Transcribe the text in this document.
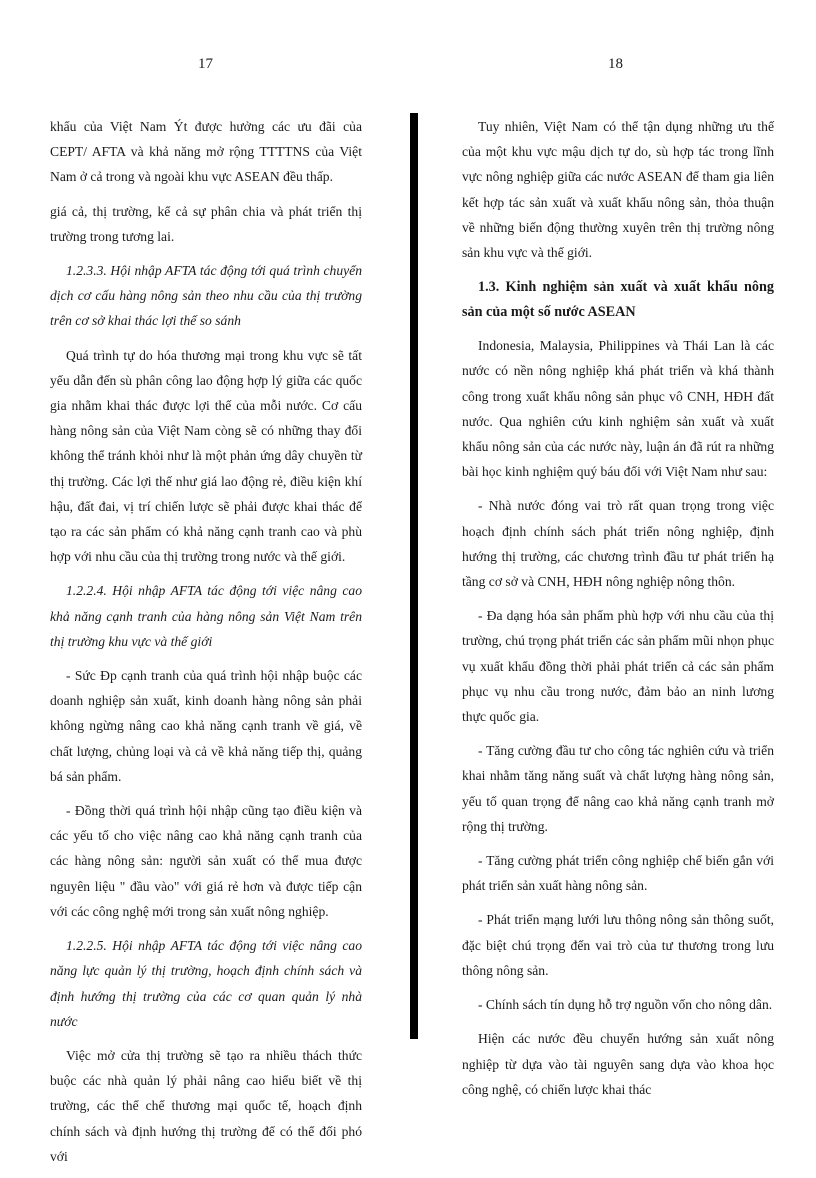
17	18

khẩu của Việt Nam Ýt được hưởng các ưu đãi của CEPT/ AFTA và khả năng mở rộng TTTTNS của Việt Nam ở cả trong và ngoài khu vực ASEAN đều thấp.

giá cả, thị trường, kể cả sự phân chia và phát triển thị trường trong tương lai.

1.2.3.3. Hội nhập AFTA tác động tới quá trình chuyển dịch cơ cấu hàng nông sản theo nhu cầu của thị trường trên cơ sở khai thác lợi thế so sánh

Quá trình tự do hóa thương mại trong khu vực sẽ tất yếu dẫn đến sù phân công lao động hợp lý giữa các quốc gia nhằm khai thác được lợi thế của mỗi nước. Cơ cấu hàng nông sản của Việt Nam còng sẽ có những thay đổi không thể tránh khỏi như là một phản ứng dây chuyền từ thị trường. Các lợi thế như giá lao động rẻ, điều kiện khí hậu, đất đai, vị trí chiến lược sẽ phải được khai thác để tạo ra các sản phẩm có khả năng cạnh tranh cao và phù hợp với nhu cầu của thị trường trong nước và thế giới.

1.2.2.4. Hội nhập AFTA tác động tới việc nâng cao khả năng cạnh tranh của hàng nông sản Việt Nam trên thị trường khu vực và thế giới

- Sức Ðp cạnh tranh của quá trình hội nhập buộc các doanh nghiệp sản xuất, kinh doanh hàng nông sản phải không ngừng nâng cao khả năng cạnh tranh về giá, về chất lượng, chủng loại và cả về khả năng tiếp thị, quảng bá sản phẩm.

- Đồng thời quá trình hội nhập cũng tạo điều kiện và các yếu tố cho việc nâng cao khả năng cạnh tranh của các hàng nông sản: người sản xuất có thể mua được nguyên liệu " đầu vào" với giá rẻ hơn và được tiếp cận với các công nghệ mới trong sản xuất nông nghiệp.

1.2.2.5. Hội nhập AFTA tác động tới việc nâng cao năng lực quản lý thị trường, hoạch định chính sách và định hướng thị trường của các cơ quan quản lý nhà nước

Việc mở cửa thị trường sẽ tạo ra nhiều thách thức buộc các nhà quản lý phải nâng cao hiểu biết về thị trường, các thể chế thương mại quốc tế, hoạch định chính sách và định hướng thị trường để có thể đối phó với

Tuy nhiên, Việt Nam có thể tận dụng những ưu thế của một khu vực mậu dịch tự do, sù hợp tác trong lĩnh vực nông nghiệp giữa các nước ASEAN để tham gia liên kết hợp tác sản xuất và xuất khẩu nông sản, thỏa thuận về những biến động thường xuyên trên thị trường nông sản khu vực và thế giới.

1.3. Kinh nghiệm sản xuất và xuất khẩu nông sản của một số nước ASEAN

Indonesia, Malaysia, Philippines và Thái Lan là các nước có nền nông nghiệp khá phát triển và khá thành công trong xuất khẩu nông sản phục vô CNH, HĐH đất nước. Qua nghiên cứu kinh nghiệm sản xuất và xuất khẩu nông sản của các nước này, luận án đã rút ra những bài học kinh nghiệm quý báu đối với Việt Nam như sau:

- Nhà nước đóng vai trò rất quan trọng trong việc hoạch định chính sách phát triển nông nghiệp, định hướng thị trường, các chương trình đầu tư phát triển hạ tầng cơ sở và CNH, HĐH nông nghiệp nông thôn.

- Đa dạng hóa sản phẩm phù hợp với nhu cầu của thị trường, chú trọng phát triển các sản phẩm mũi nhọn phục vụ xuất khẩu đồng thời phải phát triển cả các sản phẩm phục vụ nhu cầu trong nước, đảm bảo an ninh lương thực quốc gia.

- Tăng cường đầu tư cho công tác nghiên cứu và triển khai nhằm tăng năng suất và chất lượng hàng nông sản, yếu tố quan trọng để nâng cao khả năng cạnh tranh mở rộng thị trường.

- Tăng cường phát triển công nghiệp chế biến gắn với phát triển sản xuất hàng nông sản.

- Phát triển mạng lưới lưu thông nông sản thông suốt, đặc biệt chú trọng đến vai trò của tư thương trong lưu thông nông sản.

- Chính sách tín dụng hỗ trợ nguồn vốn cho nông dân.

Hiện các nước đều chuyển hướng sản xuất nông nghiệp từ dựa vào tài nguyên sang dựa vào khoa học công nghệ, có chiến lược khai thác
